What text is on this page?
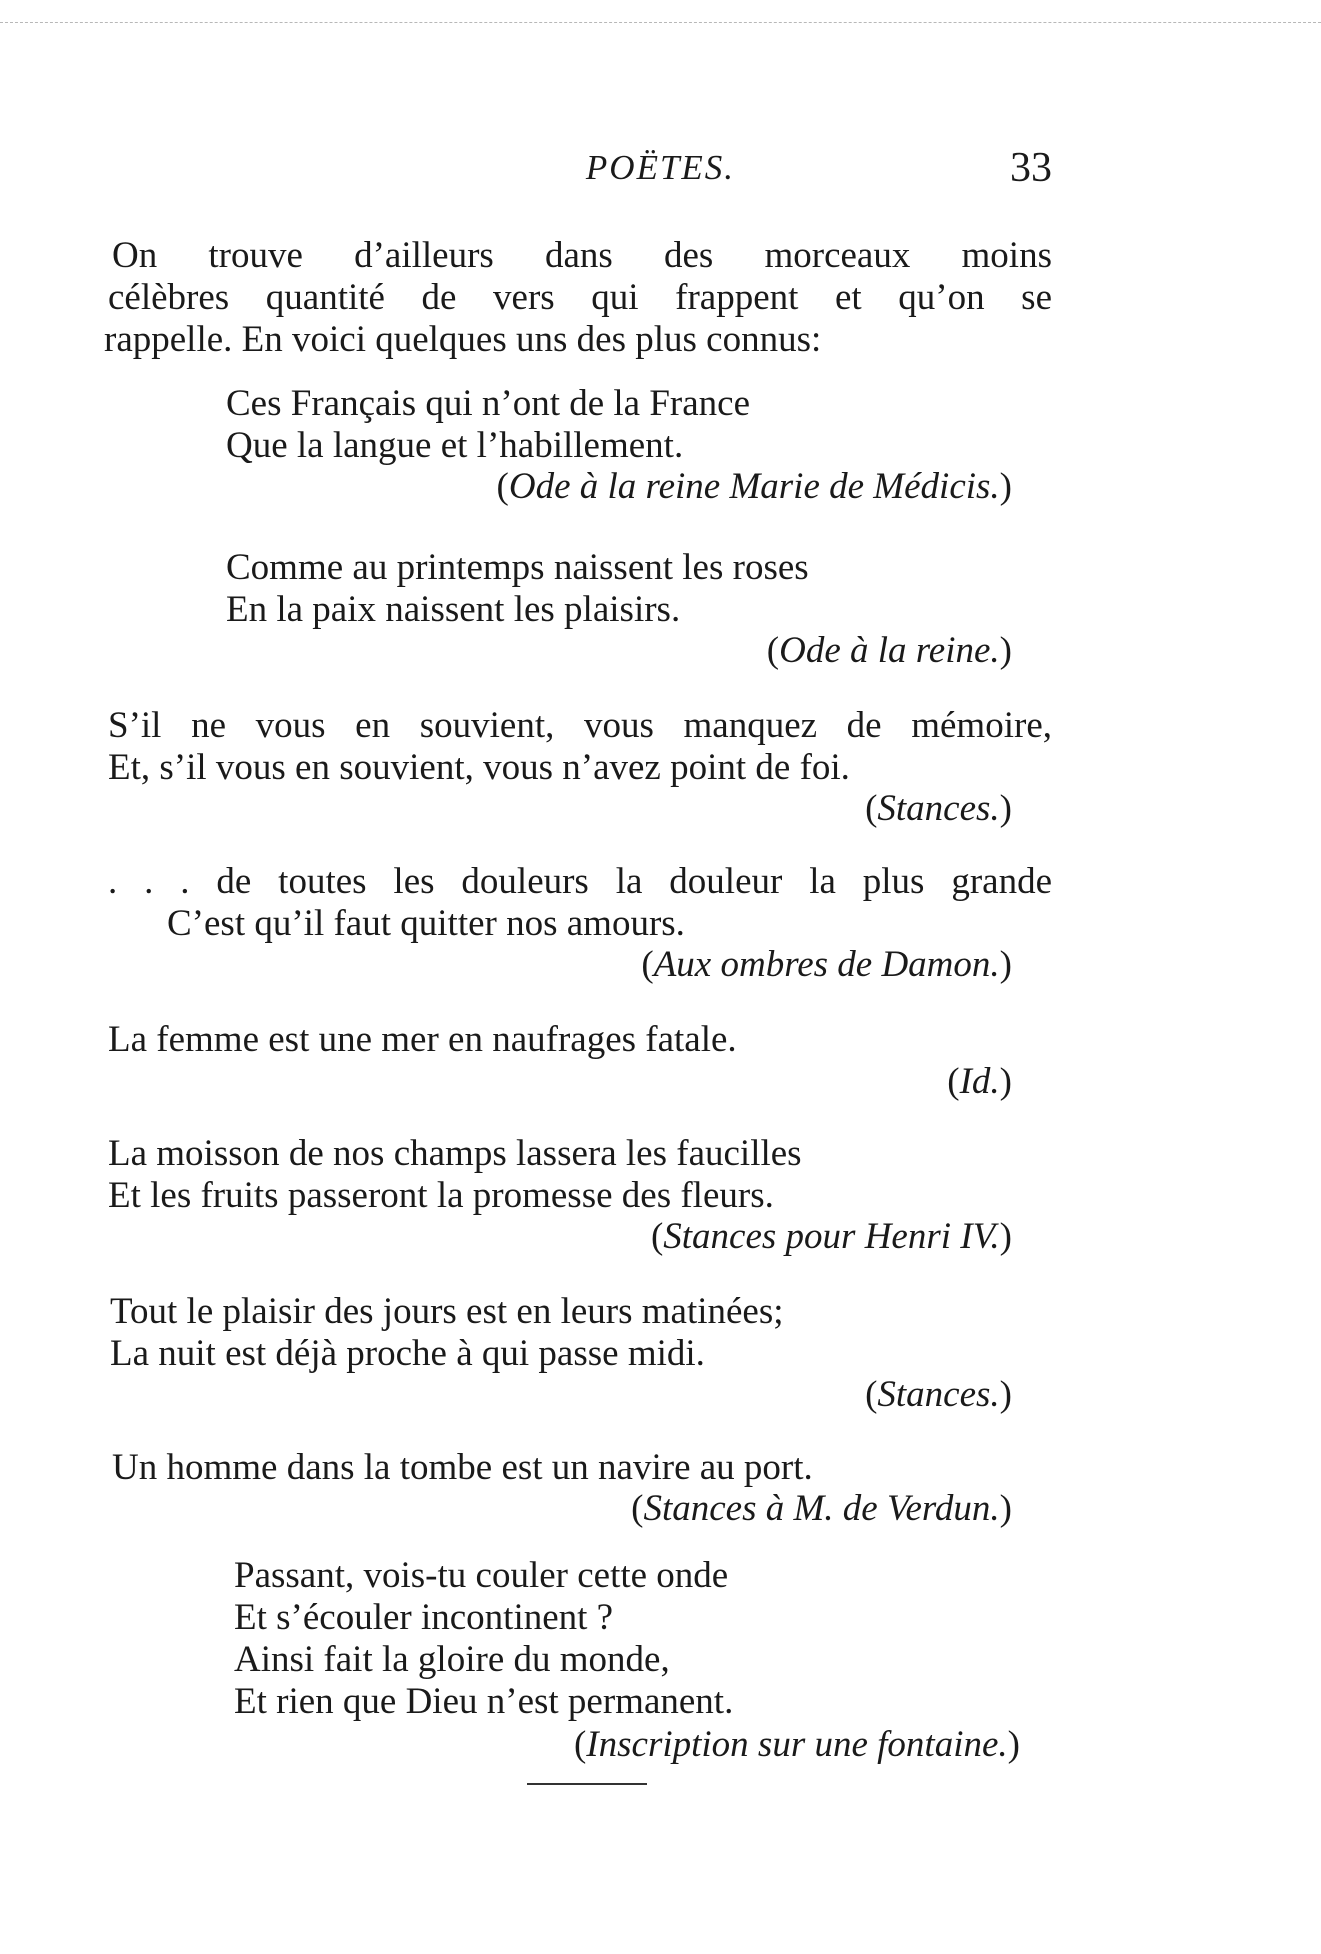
POËTES.	33
On trouve d’ailleurs dans des morceaux moins
célèbres quantité de vers qui frappent et qu’on se
rappelle. En voici quelques uns des plus connus:
Ces Français qui n’ont de la France
Que la langue et l’habillement.
(Ode à la reine Marie de Médicis.)
Comme au printemps naissent les roses
En la paix naissent les plaisirs.
(Ode à la reine.)
S’il ne vous en souvient, vous manquez de mémoire,
Et, s’il vous en souvient, vous n’avez point de foi.
(Stances.)
. . . de toutes les douleurs la douleur la plus grande
C’est qu’il faut quitter nos amours.
(Aux ombres de Damon.)
La femme est une mer en naufrages fatale.
(Id.)
La moisson de nos champs lassera les faucilles
Et les fruits passeront la promesse des fleurs.
(Stances pour Henri IV.)
Tout le plaisir des jours est en leurs matinées;
La nuit est déjà proche à qui passe midi.
(Stances.)
Un homme dans la tombe est un navire au port.
(Stances à M. de Verdun.)
Passant, vois-tu couler cette onde
Et s’écouler incontinent ?
Ainsi fait la gloire du monde,
Et rien que Dieu n’est permanent.
(Inscription sur une fontaine.)
